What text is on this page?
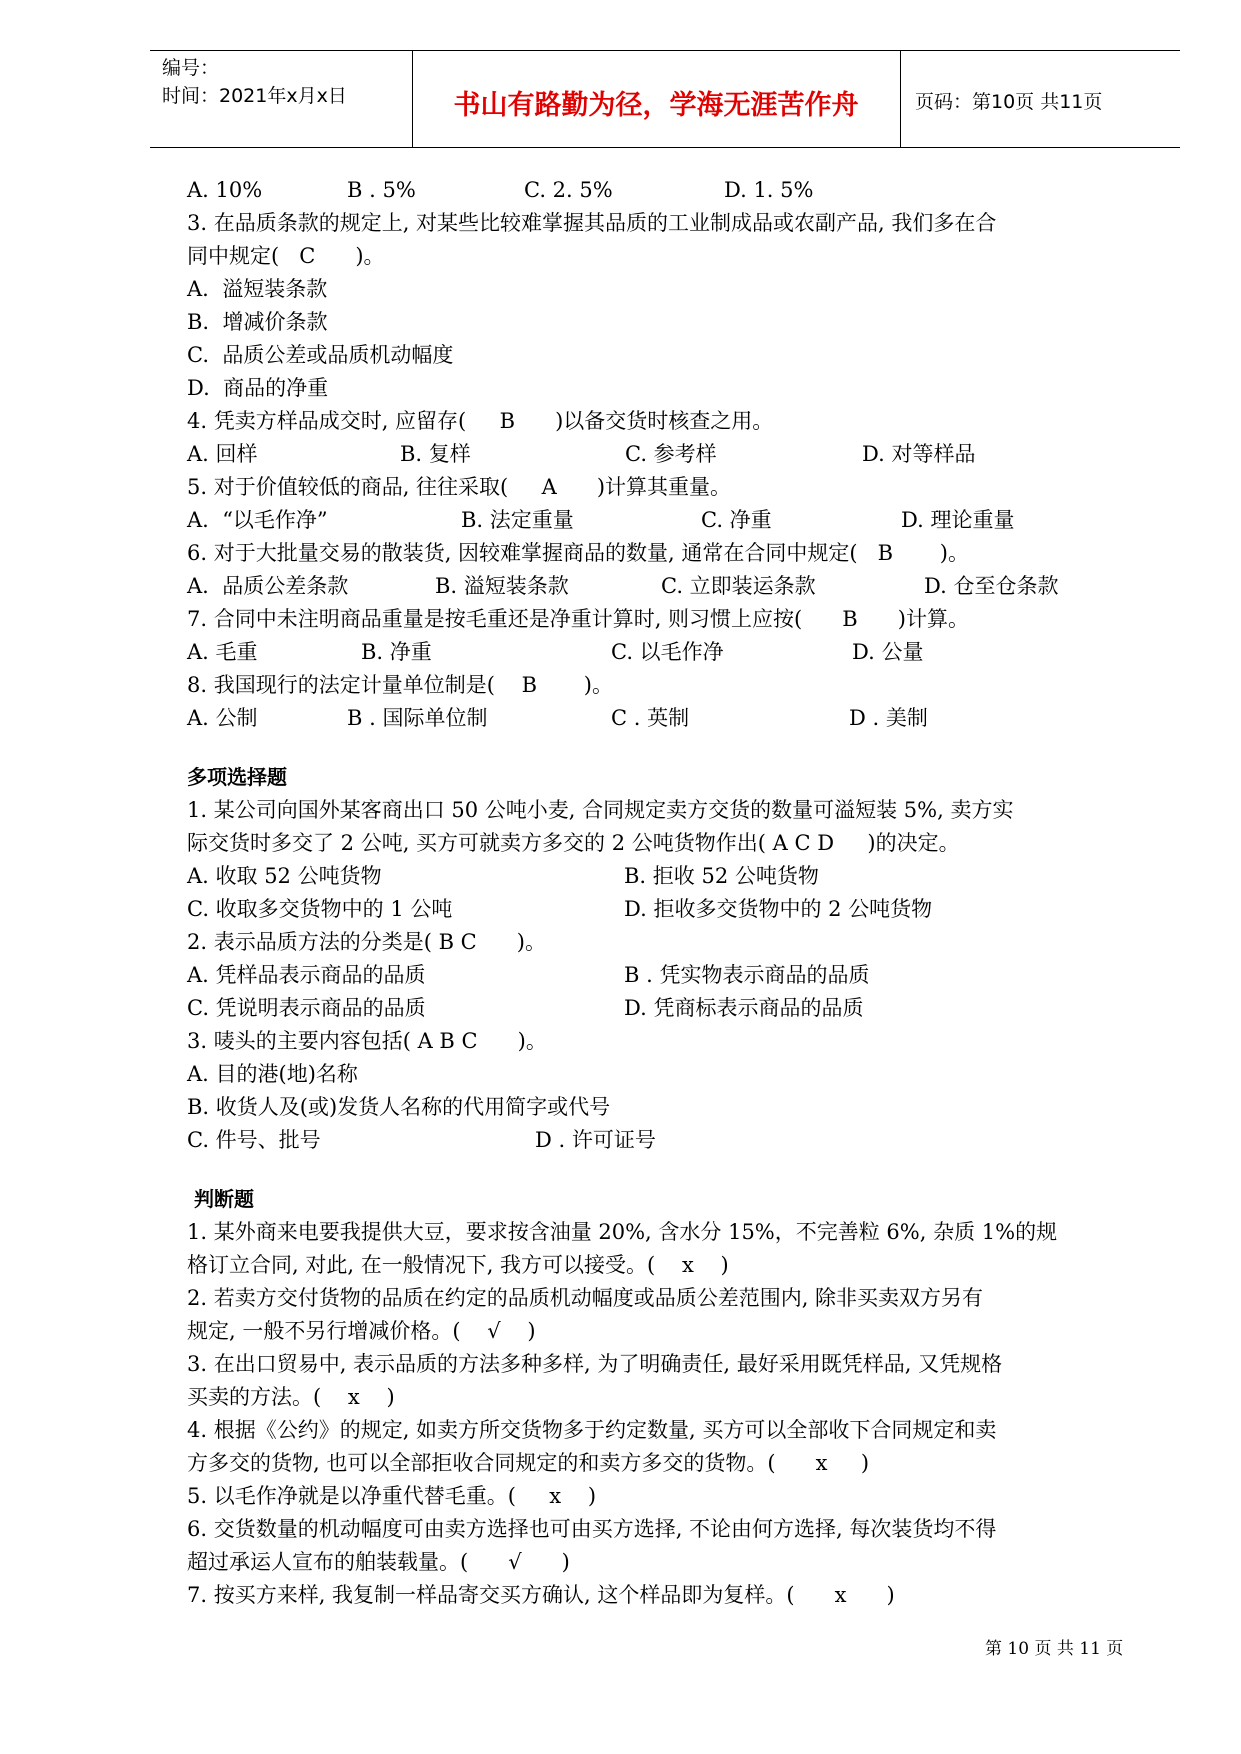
编号：
时间：2021年x月x日	书山有路勤为径，学海无涯苦作舟	页码：第10页 共11页

A. 10%

	B . 5%

	C. 2. 5%

	D. 1. 5%

3. 在品质条款的规定上, 对某些比较难掌握其品质的工业制成品或农副产品, 我们多在合
同中规定(   C      )。
A.  溢短装条款
B.  增减价条款
C.  品质公差或品质机动幅度
D.  商品的净重
4. 凭卖方样品成交时, 应留存(     B      )以备交货时核查之用。

A. 回样

	B. 复样

	C. 参考样

	D. 对等样品

5. 对于价值较低的商品, 往往采取(     A      )计算其重量。

A.  “以毛作净”

	B. 法定重量

	C. 净重

	D. 理论重量

6. 对于大批量交易的散装货, 因较难掌握商品的数量, 通常在合同中规定(   B       )。

A.  品质公差条款

	B. 溢短装条款

	C. 立即装运条款

	D. 仓至仓条款

7. 合同中未注明商品重量是按毛重还是净重计算时, 则习惯上应按(      B      )计算。

A. 毛重

	B. 净重

	C. 以毛作净

	D. 公量

8. 我国现行的法定计量单位制是(    B       )。

A. 公制

	B . 国际单位制

	C . 英制

	D . 美制

多项选择题
1. 某公司向国外某客商出口 50 公吨小麦, 合同规定卖方交货的数量可溢短装 5%, 卖方实
际交货时多交了 2 公吨, 买方可就卖方多交的 2 公吨货物作出( A C D     )的决定。

A. 收取 52 公吨货物

	B. 拒收 52 公吨货物

C. 收取多交货物中的 1 公吨

	D. 拒收多交货物中的 2 公吨货物

2. 表示品质方法的分类是( B C      )。

A. 凭样品表示商品的品质

	B . 凭实物表示商品的品质

C. 凭说明表示商品的品质

	D. 凭商标表示商品的品质

3. 唛头的主要内容包括( A B C      )。
A. 目的港(地)名称
B. 收货人及(或)发货人名称的代用简字或代号

C. 件号、批号

	D . 许可证号

判断题
1. 某外商来电要我提供大豆，要求按含油量 20%, 含水分 15%，不完善粒 6%, 杂质 1%的规
格订立合同, 对此, 在一般情况下, 我方可以接受。(    x    )
2. 若卖方交付货物的品质在约定的品质机动幅度或品质公差范围内, 除非买卖双方另有
规定, 一般不另行增减价格。(    √    )
3. 在出口贸易中, 表示品质的方法多种多样, 为了明确责任, 最好采用既凭样品, 又凭规格
买卖的方法。(    x    )
4. 根据《公约》的规定, 如卖方所交货物多于约定数量, 买方可以全部收下合同规定和卖
方多交的货物, 也可以全部拒收合同规定的和卖方多交的货物。(      x     )
5. 以毛作净就是以净重代替毛重。(     x    )
6. 交货数量的机动幅度可由卖方选择也可由买方选择, 不论由何方选择, 每次装货均不得
超过承运人宣布的舶装载量。(      √      )
7. 按买方来样, 我复制一样品寄交买方确认, 这个样品即为复样。(      x      )
第 10 页 共 11 页
